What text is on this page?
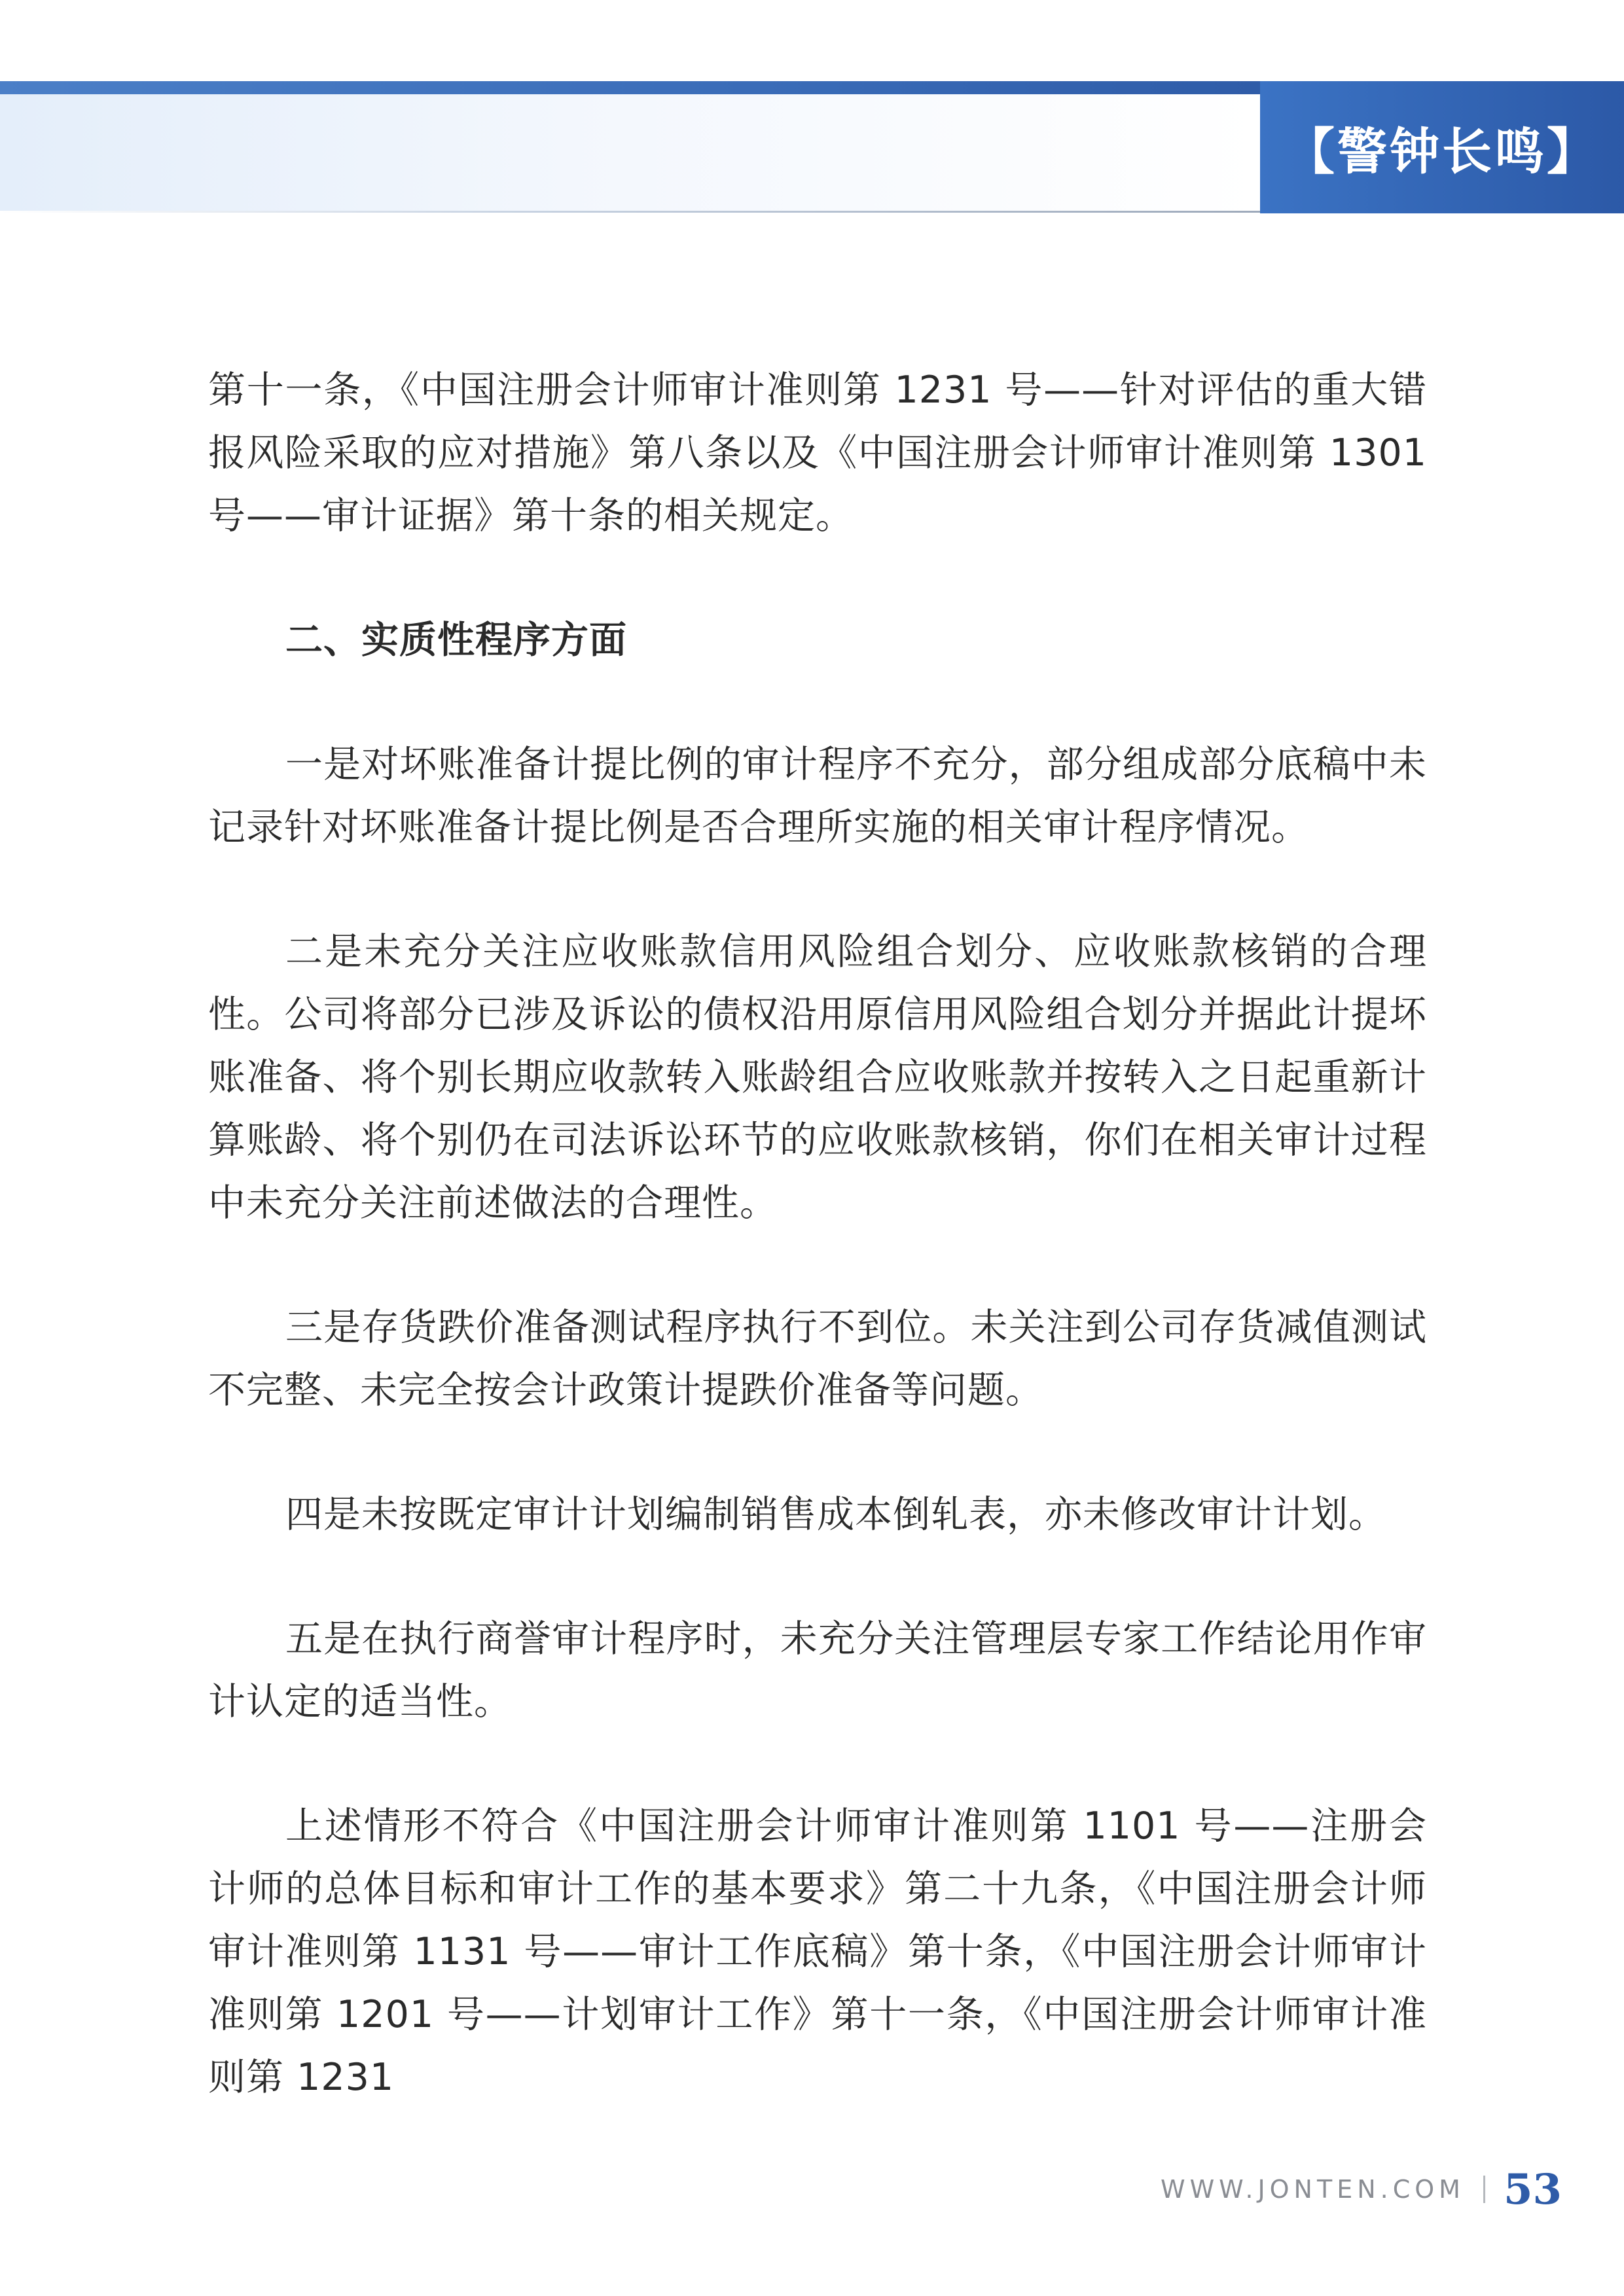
【警钟长鸣】

第十一条，《中国注册会计师审计准则第 1231 号——针对评估的重大错报风险采取的应对措施》第八条以及《中国注册会计师审计准则第 1301 号——审计证据》第十条的相关规定。

二、实质性程序方面

一是对坏账准备计提比例的审计程序不充分，部分组成部分底稿中未记录针对坏账准备计提比例是否合理所实施的相关审计程序情况。

二是未充分关注应收账款信用风险组合划分、应收账款核销的合理性。公司将部分已涉及诉讼的债权沿用原信用风险组合划分并据此计提坏账准备、将个别长期应收款转入账龄组合应收账款并按转入之日起重新计算账龄、将个别仍在司法诉讼环节的应收账款核销，你们在相关审计过程中未充分关注前述做法的合理性。

三是存货跌价准备测试程序执行不到位。未关注到公司存货减值测试不完整、未完全按会计政策计提跌价准备等问题。

四是未按既定审计计划编制销售成本倒轧表，亦未修改审计计划。

五是在执行商誉审计程序时，未充分关注管理层专家工作结论用作审计认定的适当性。

上述情形不符合《中国注册会计师审计准则第 1101 号——注册会计师的总体目标和审计工作的基本要求》第二十九条，《中国注册会计师审计准则第 1131 号——审计工作底稿》第十条，《中国注册会计师审计准则第 1201 号——计划审计工作》第十一条，《中国注册会计师审计准则第 1231

WWW.JONTEN.COM 53
